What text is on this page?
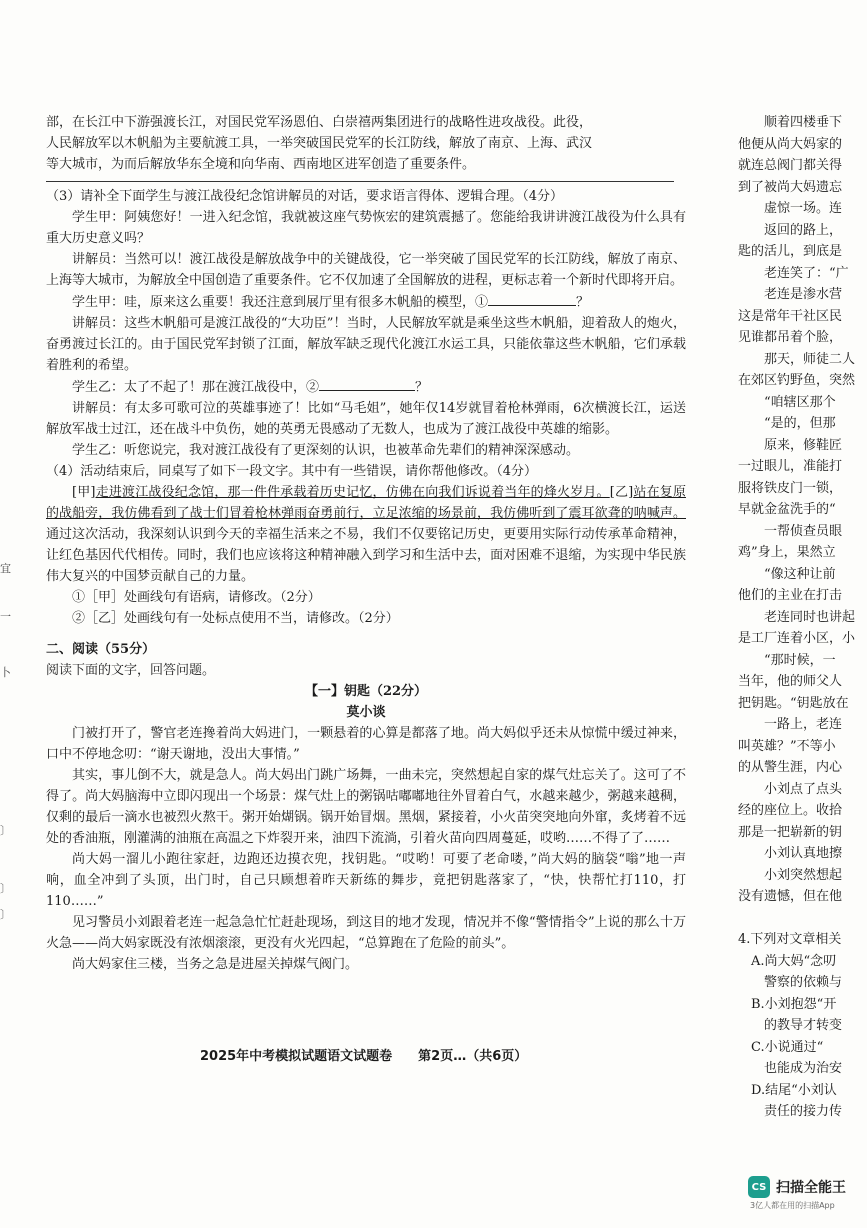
部，在长江中下游强渡长江，对国民党军汤恩伯、白崇禧两集团进行的战略性进攻战役。此役，

人民解放军以木帆船为主要航渡工具，一举突破国民党军的长江防线，解放了南京、上海、武汉

等大城市，为而后解放华东全境和向华南、西南地区进军创造了重要条件。

（3）请补全下面学生与渡江战役纪念馆讲解员的对话，要求语言得体、逻辑合理。（4分）

学生甲：阿姨您好！一进入纪念馆，我就被这座气势恢宏的建筑震撼了。您能给我讲讲渡江战役为什么具有重大历史意义吗？

讲解员：当然可以！渡江战役是解放战争中的关键战役，它一举突破了国民党军的长江防线，解放了南京、上海等大城市，为解放全中国创造了重要条件。它不仅加速了全国解放的进程，更标志着一个新时代即将开启。

学生甲：哇，原来这么重要！我还注意到展厅里有很多木帆船的模型，①	？

讲解员：这些木帆船可是渡江战役的“大功臣”！当时，人民解放军就是乘坐这些木帆船，迎着敌人的炮火，奋勇渡过长江的。由于国民党军封锁了江面，解放军缺乏现代化渡江水运工具，只能依靠这些木帆船，它们承载着胜利的希望。

学生乙：太了不起了！那在渡江战役中，②	？

讲解员：有太多可歌可泣的英雄事迹了！比如“马毛姐”，她年仅14岁就冒着枪林弹雨，6次横渡长江，运送解放军战士过江，还在战斗中负伤，她的英勇无畏感动了无数人，也成为了渡江战役中英雄的缩影。

学生乙：听您说完，我对渡江战役有了更深刻的认识，也被革命先辈们的精神深深感动。

（4）活动结束后，同桌写了如下一段文字。其中有一些错误，请你帮他修改。（4分）

[甲]走进渡江战役纪念馆，那一件件承载着历史记忆，仿佛在向我们诉说着当年的烽火岁月。[乙]站在复原的战船旁，我仿佛看到了战士们冒着枪林弹雨奋勇前行，立足浓缩的场景前，我仿佛听到了震耳欲聋的呐喊声。通过这次活动，我深刻认识到今天的幸福生活来之不易，我们不仅要铭记历史，更要用实际行动传承革命精神，让红色基因代代相传。同时，我们也应该将这种精神融入到学习和生活中去，面对困难不退缩，为实现中华民族伟大复兴的中国梦贡献自己的力量。

①［甲］处画线句有语病，请修改。（2分）

②［乙］处画线句有一处标点使用不当，请修改。（2分）

二、阅读（55分）

阅读下面的文字，回答问题。

【一】钥匙（22分）

莫小谈

门被打开了，警官老连搀着尚大妈进门，一颗悬着的心算是都落了地。尚大妈似乎还未从惊慌中缓过神来，口中不停地念叨：“谢天谢地，没出大事情。”

其实，事儿倒不大，就是急人。尚大妈出门跳广场舞，一曲未完，突然想起自家的煤气灶忘关了。这可了不得了。尚大妈脑海中立即闪现出一个场景：煤气灶上的粥锅咕嘟嘟地往外冒着白气，水越来越少，粥越来越稠，仅剩的最后一滴水也被烈火熬干。粥开始煳锅。锅开始冒烟。黑烟，紧接着，小火苗突突地向外窜，炙烤着不远处的香油瓶，刚灌满的油瓶在高温之下炸裂开来，油四下流淌，引着火苗向四周蔓延，哎哟……不得了了……

尚大妈一溜儿小跑往家赶，边跑还边摸衣兜，找钥匙。“哎哟！可要了老命喽，”尚大妈的脑袋“嗡”地一声响，血全冲到了头顶，出门时，自己只顾想着昨天新练的舞步，竟把钥匙落家了，“快，快帮忙打110，打110……”

见习警员小刘跟着老连一起急急忙忙赶赴现场，到这目的地才发现，情况并不像“警情指令”上说的那么十万火急——尚大妈家既没有浓烟滚滚，更没有火光四起，“总算跑在了危险的前头”。

尚大妈家住三楼，当务之急是进屋关掉煤气阀门。

2025年中考模拟试题语文试题卷　　第2页…（共6页）

　　顺着四楼垂下

他便从尚大妈家的

就连总阀门都关得

到了被尚大妈遗忘

　　虚惊一场。连

　　返回的路上，

匙的活儿，到底是

　　老连笑了：“广

　　老连是渗水营

这是常年干社区民

见谁都吊着个脸，

　　那天，师徒二人

在郊区钓野鱼，突然

　　“咱辖区那个

　　“是的，但那

　　原来，修鞋匠

一过眼儿，准能打

服将铁皮门一锁，

早就金盆洗手的“

　　一帮侦查员眼

鸡”身上，果然立

　　“像这种让前

他们的主业在打击

　　老连同时也讲起

是工厂连着小区，小

　　“那时候，一

当年，他的师父人

把钥匙。“钥匙放在

　　一路上，老连

叫英雄？”不等小

的从警生涯，内心

　　小刘点了点头

经的座位上。收拾

那是一把崭新的钥

　　小刘认真地擦

　　小刘突然想起

没有遗憾，但在他

4.下列对文章相关

　A.尚大妈“念叨

　　警察的依赖与

　B.小刘抱怨“开

　　的教导才转变

　C.小说通过“

　　也能成为治安

　D.结尾“小刘认

　　责任的接力传

宜
一
卜
〕
〕
〕
CS 扫描全能王
3亿人都在用的扫描App
